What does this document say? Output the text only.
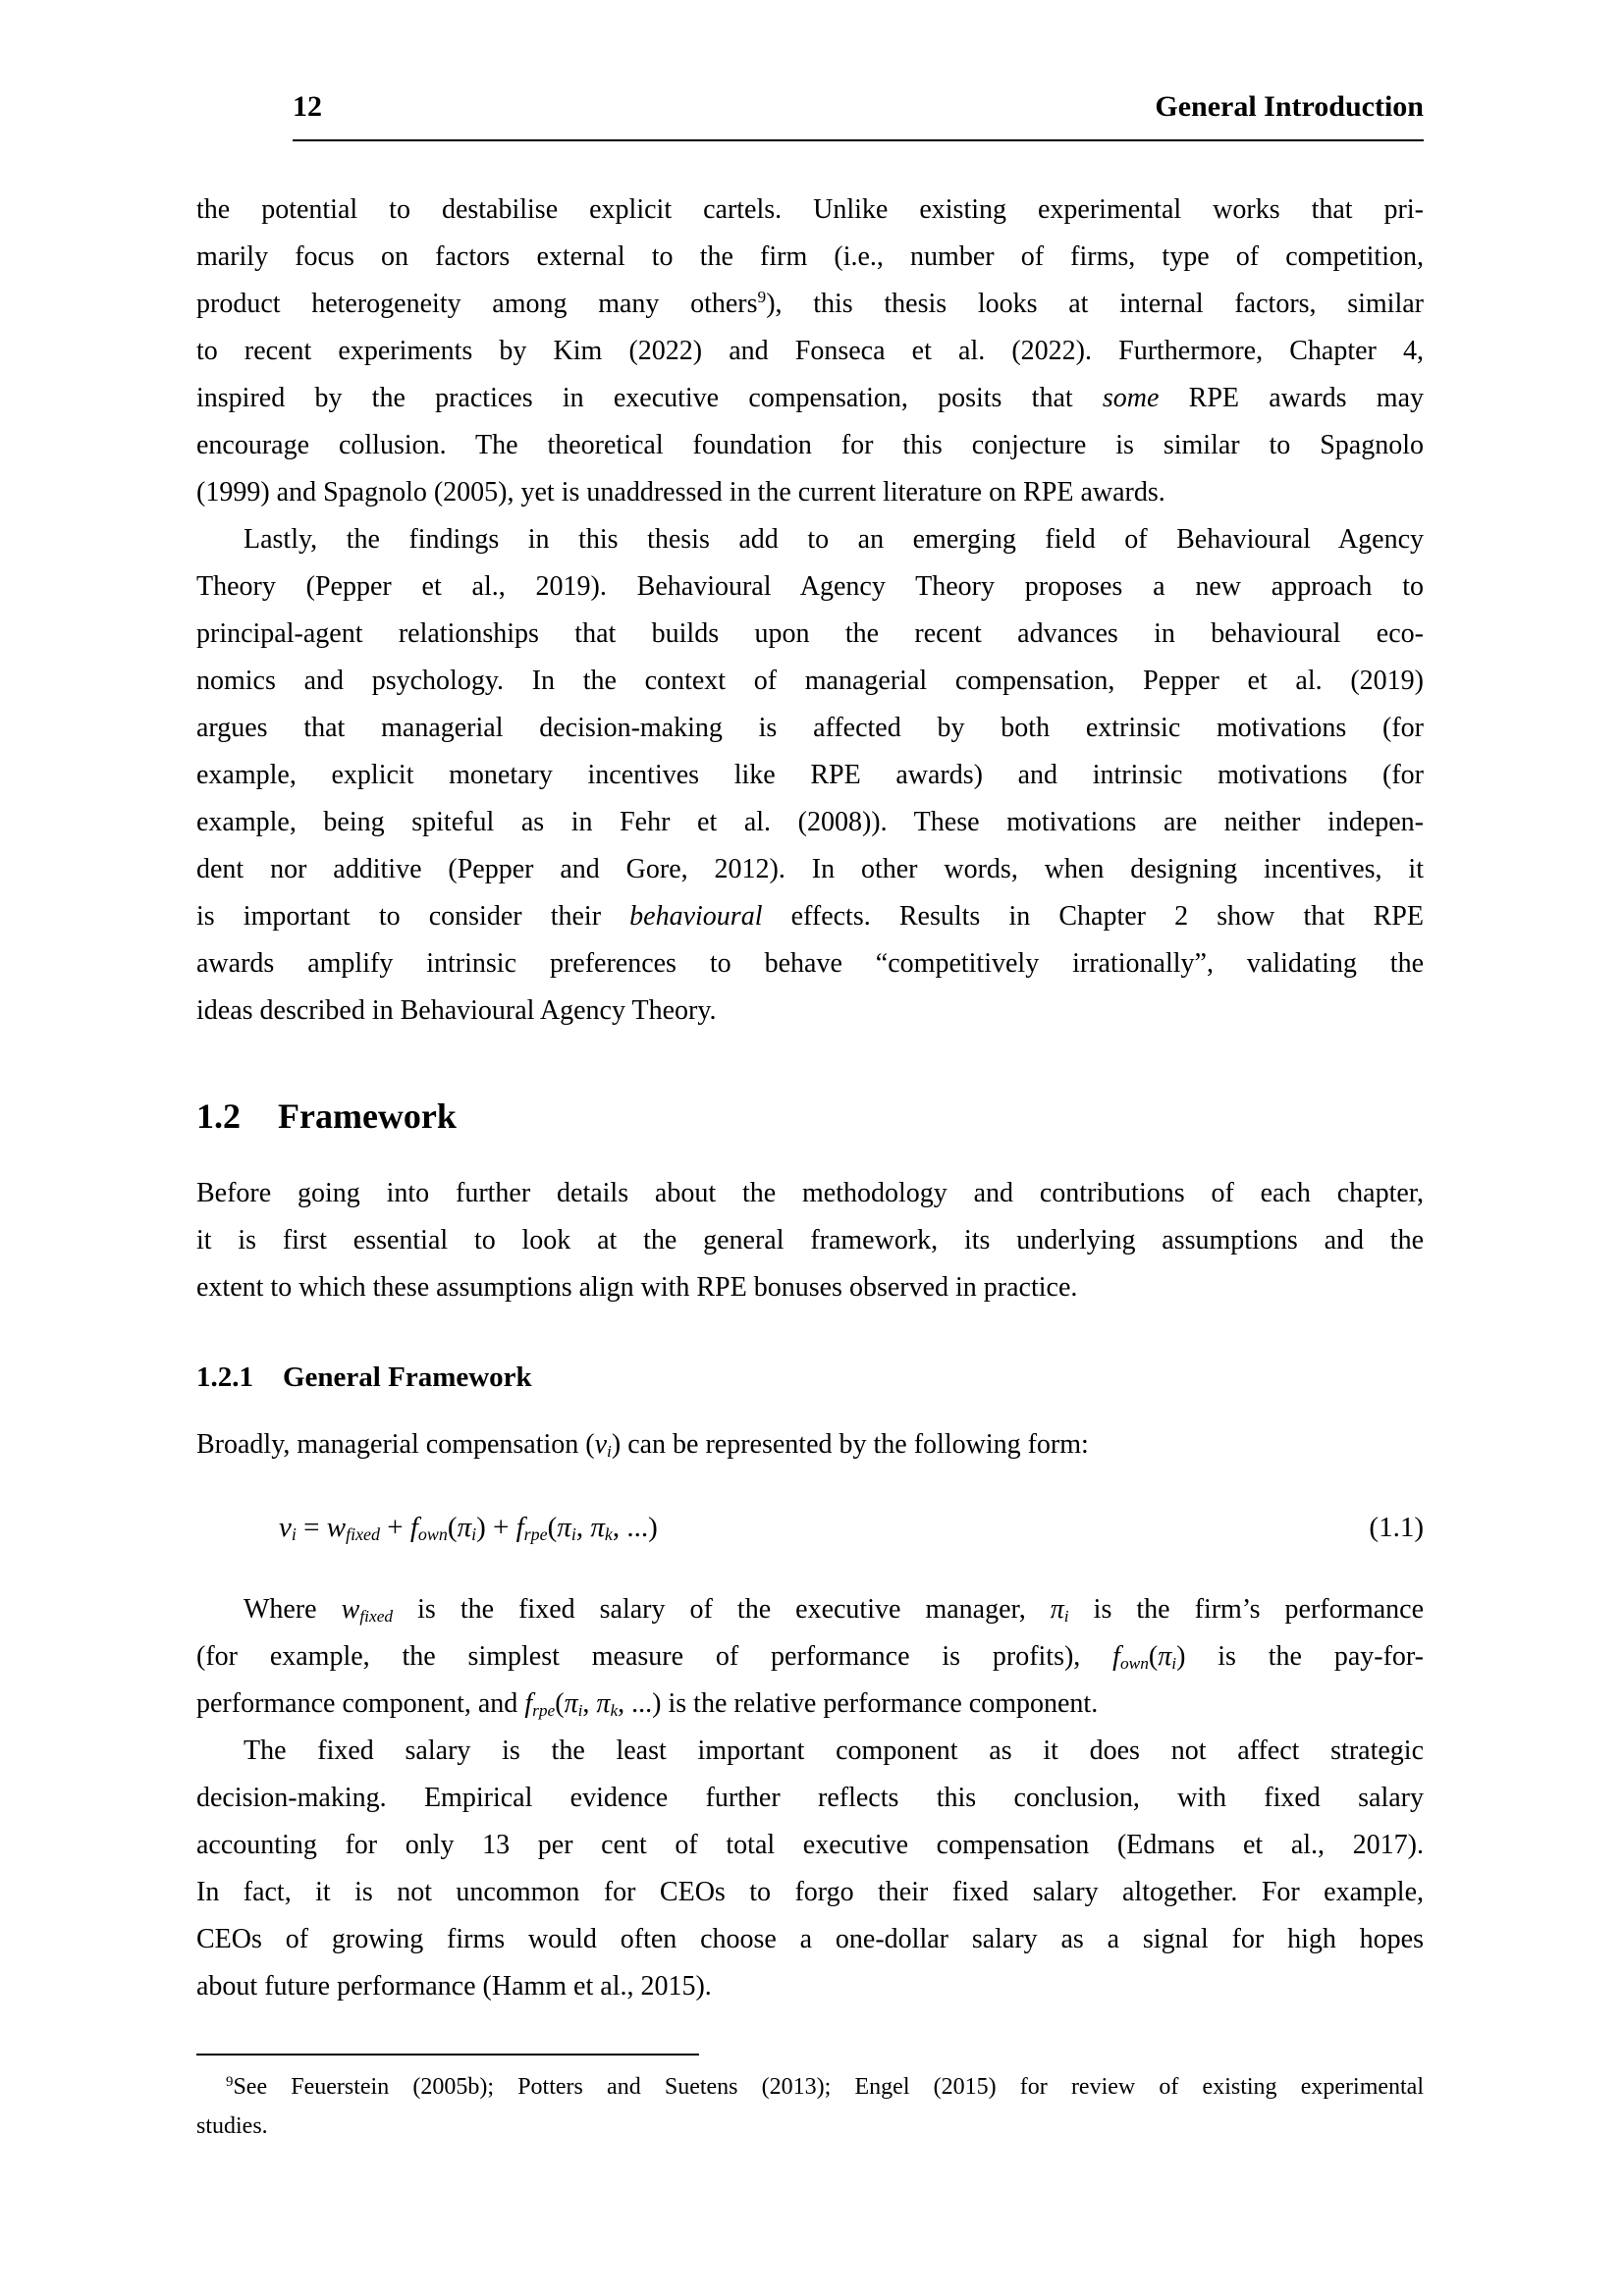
12	General Introduction
the potential to destabilise explicit cartels. Unlike existing experimental works that pri-
marily focus on factors external to the firm (i.e., number of firms, type of competition,
product heterogeneity among many others$^9$), this thesis looks at internal factors, similar
to recent experiments by Kim (2022) and Fonseca et al. (2022). Furthermore, Chapter 4,
inspired by the practices in executive compensation, posits that some RPE awards may
encourage collusion. The theoretical foundation for this conjecture is similar to Spagnolo
(1999) and Spagnolo (2005), yet is unaddressed in the current literature on RPE awards.
Lastly, the findings in this thesis add to an emerging field of Behavioural Agency
Theory (Pepper et al., 2019). Behavioural Agency Theory proposes a new approach to
principal-agent relationships that builds upon the recent advances in behavioural eco-
nomics and psychology. In the context of managerial compensation, Pepper et al. (2019)
argues that managerial decision-making is affected by both extrinsic motivations (for
example, explicit monetary incentives like RPE awards) and intrinsic motivations (for
example, being spiteful as in Fehr et al. (2008)). These motivations are neither indepen-
dent nor additive (Pepper and Gore, 2012). In other words, when designing incentives, it
is important to consider their behavioural effects. Results in Chapter 2 show that RPE
awards amplify intrinsic preferences to behave “competitively irrationally”, validating the
ideas described in Behavioural Agency Theory.
1.2 Framework
Before going into further details about the methodology and contributions of each chapter,
it is first essential to look at the general framework, its underlying assumptions and the
extent to which these assumptions align with RPE bonuses observed in practice.
1.2.1 General Framework
Broadly, managerial compensation $(v_i)$ can be represented by the following form:
$v_i = w_{fixed} + f_{own}(\pi_i) + f_{rpe}(\pi_i$, $\pi_k$, ...)	(1.1)
Where $w_{fixed}$ is the fixed salary of the executive manager, $\pi_i$ is the firm’s performance
(for example, the simplest measure of performance is profits), $f_{own}(\pi_i)$ is the pay-for-
performance component, and $f_{rpe}(\pi_i$, $\pi_k$, ...) is the relative performance component.
The fixed salary is the least important component as it does not affect strategic
decision-making. Empirical evidence further reflects this conclusion, with fixed salary
accounting for only 13 per cent of total executive compensation (Edmans et al., 2017).
In fact, it is not uncommon for CEOs to forgo their fixed salary altogether. For example,
CEOs of growing firms would often choose a one-dollar salary as a signal for high hopes
about future performance (Hamm et al., 2015).
$^9$See Feuerstein (2005b); Potters and Suetens (2013); Engel (2015) for review of existing experimental
studies.
